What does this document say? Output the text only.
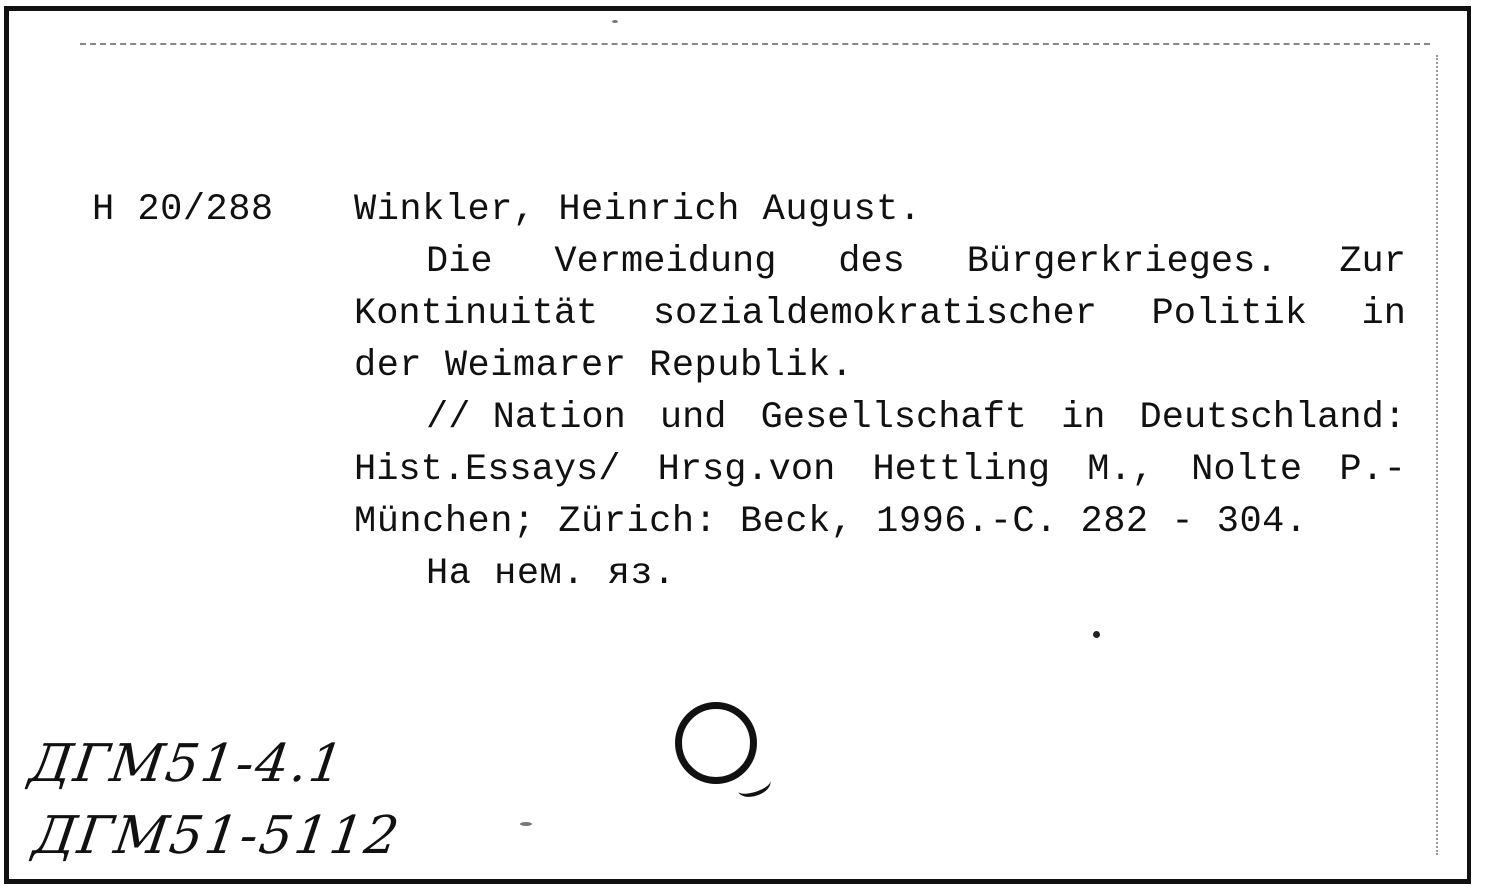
H 20/288 Winkler, Heinrich August.
Die Vermeidung des Bürgerkrieges. Zur
Kontinuität sozialdemokratischer Politik in
der Weimarer Republik.
// Nation und Gesellschaft in Deutschland:
Hist.Essays/ Hrsg.von Hettling M., Nolte P.-
München; Zürich: Beck, 1996.-С. 282 - 304.
На нем. яз.
ДГМ51-4.1
ДГМ51-5112
